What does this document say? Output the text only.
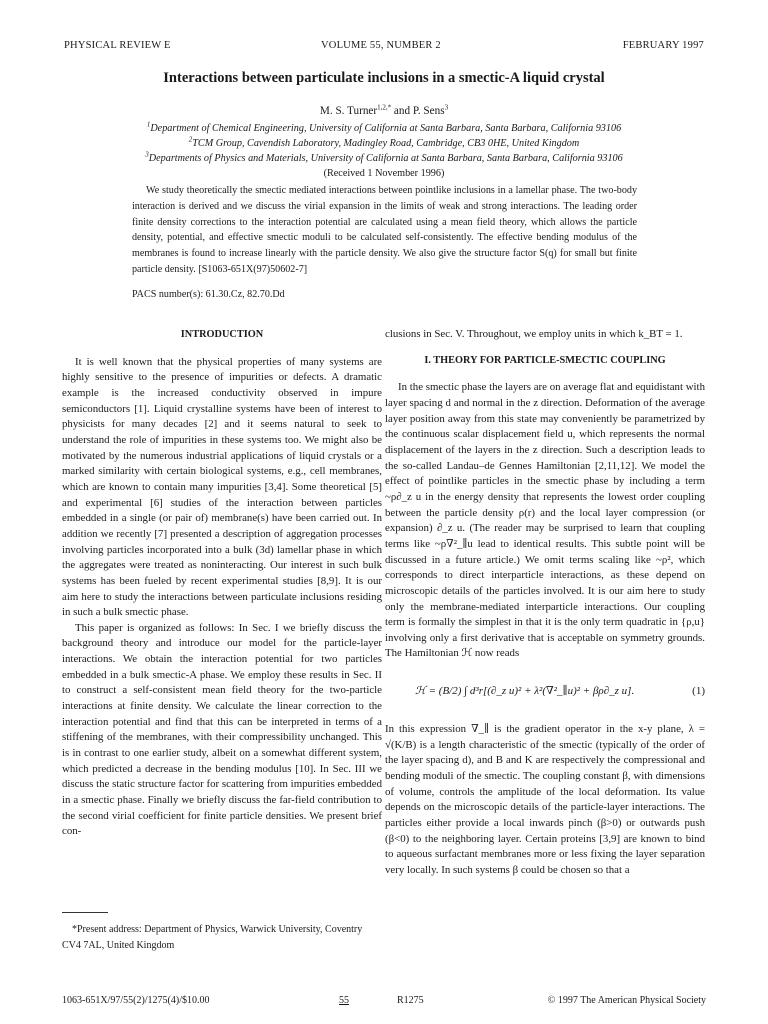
PHYSICAL REVIEW E	VOLUME 55, NUMBER 2	FEBRUARY 1997
Interactions between particulate inclusions in a smectic-A liquid crystal
M. S. Turner$^{1,2,*}$ and P. Sens$^3$
$^1$Department of Chemical Engineering, University of California at Santa Barbara, Santa Barbara, California 93106
$^2$TCM Group, Cavendish Laboratory, Madingley Road, Cambridge, CB3 0HE, United Kingdom
$^3$Departments of Physics and Materials, University of California at Santa Barbara, Santa Barbara, California 93106
(Received 1 November 1996)
We study theoretically the smectic mediated interactions between pointlike inclusions in a lamellar phase. The two-body interaction is derived and we discuss the virial expansion in the limits of weak and strong interactions. The leading order finite density corrections to the interaction potential are calculated using a mean field theory, which allows the particle density, potential, and effective smectic moduli to be calculated self-consistently. The effective bending modulus of the membranes is found to increase linearly with the particle density. We also give the structure factor S(q) for small but finite particle density. [S1063-651X(97)50602-7]
PACS number(s): 61.30.Cz, 82.70.Dd
INTRODUCTION

It is well known that the physical properties of many systems are highly sensitive to the presence of impurities or defects. A dramatic example is the increased conductivity observed in impure semiconductors [1]. Liquid crystalline systems have been of interest to physicists for many decades [2] and it seems natural to seek to understand the role of impurities in these systems too. We might also be motivated by the numerous industrial applications of liquid crystals or a marked similarity with certain biological systems, e.g., cell membranes, which are known to contain many impurities [3,4]. Some theoretical [5] and experimental [6] studies of the interaction between particles embedded in a single (or pair of) membrane(s) have been carried out. In addition we recently [7] presented a description of aggregation processes involving particles incorporated into a bulk (3d) lamellar phase in which the aggregates were treated as noninteracting. Our interest in such bulk systems has been fueled by recent experimental studies [8,9]. It is our aim here to study the interactions between particulate inclusions residing in such a bulk smectic phase.

This paper is organized as follows: In Sec. I we briefly discuss the background theory and introduce our model for the particle-layer interactions. We obtain the interaction potential for two particles embedded in a bulk smectic-A phase. We employ these results in Sec. II to construct a self-consistent mean field theory for the two-particle interactions at finite density. We calculate the linear correction to the interaction potential and find that this can be interpreted in terms of a stiffening of the membranes, with their compressibility unchanged. This is in contrast to one earlier study, albeit on a somewhat different system, which predicted a decrease in the bending modulus [10]. In Sec. III we discuss the static structure factor for scattering from impurities embedded in a smectic phase. Finally we briefly discuss the far-field contribution to the second virial coefficient for finite particle densities. We present brief con-

clusions in Sec. V. Throughout, we employ units in which k_BT = 1.

I. THEORY FOR PARTICLE-SMECTIC COUPLING

In the smectic phase the layers are on average flat and equidistant with layer spacing d and normal in the z direction. Deformation of the average layer position away from this state may conveniently be parametrized by the continuous scalar displacement field u, which represents the normal displacement of the layers in the z direction. Such a description leads to the so-called Landau–de Gennes Hamiltonian [2,11,12]. We model the effect of pointlike particles in the smectic phase by including a term ~ρ∂_z u in the energy density that represents the lowest order coupling between the particle density ρ(r) and the local layer compression (or expansion) ∂_z u. (The reader may be surprised to learn that coupling terms like ~ρ∇²_∥u lead to identical results. This subtle point will be discussed in a future article.) We omit terms scaling like ~ρ², which corresponds to direct interparticle interactions, as these depend on microscopic details of the particles involved. It is our aim here to study only the membrane-mediated interparticle interactions. Our coupling term is formally the simplest in that it is the only term quadratic in {ρ,u} involving only a first derivative that is acceptable on symmetry grounds. The Hamiltonian ℋ now reads

ℋ = (B/2) ∫ d³r[(∂_z u)² + λ²(∇²_∥u)² + βρ∂_z u].	(1)

In this expression ∇_∥ is the gradient operator in the x-y plane, λ = √(K/B) is a length characteristic of the smectic (typically of the order of the layer spacing d), and B and K are respectively the compressional and bending moduli of the smectic. The coupling constant β, with dimensions of volume, controls the amplitude of the local deformation. Its value depends on the microscopic details of the particle-layer interactions. The particles either provide a local inwards pinch (β>0) or outwards push (β<0) to the neighboring layer. Certain proteins [3,9] are known to bind to aqueous surfactant membranes more or less fixing the layer separation very locally. In such systems β could be chosen so that a

*Present address: Department of Physics, Warwick University, Coventry CV4 7AL, United Kingdom
1063-651X/97/55(2)/1275(4)/$10.00	55	R1275	© 1997 The American Physical Society
